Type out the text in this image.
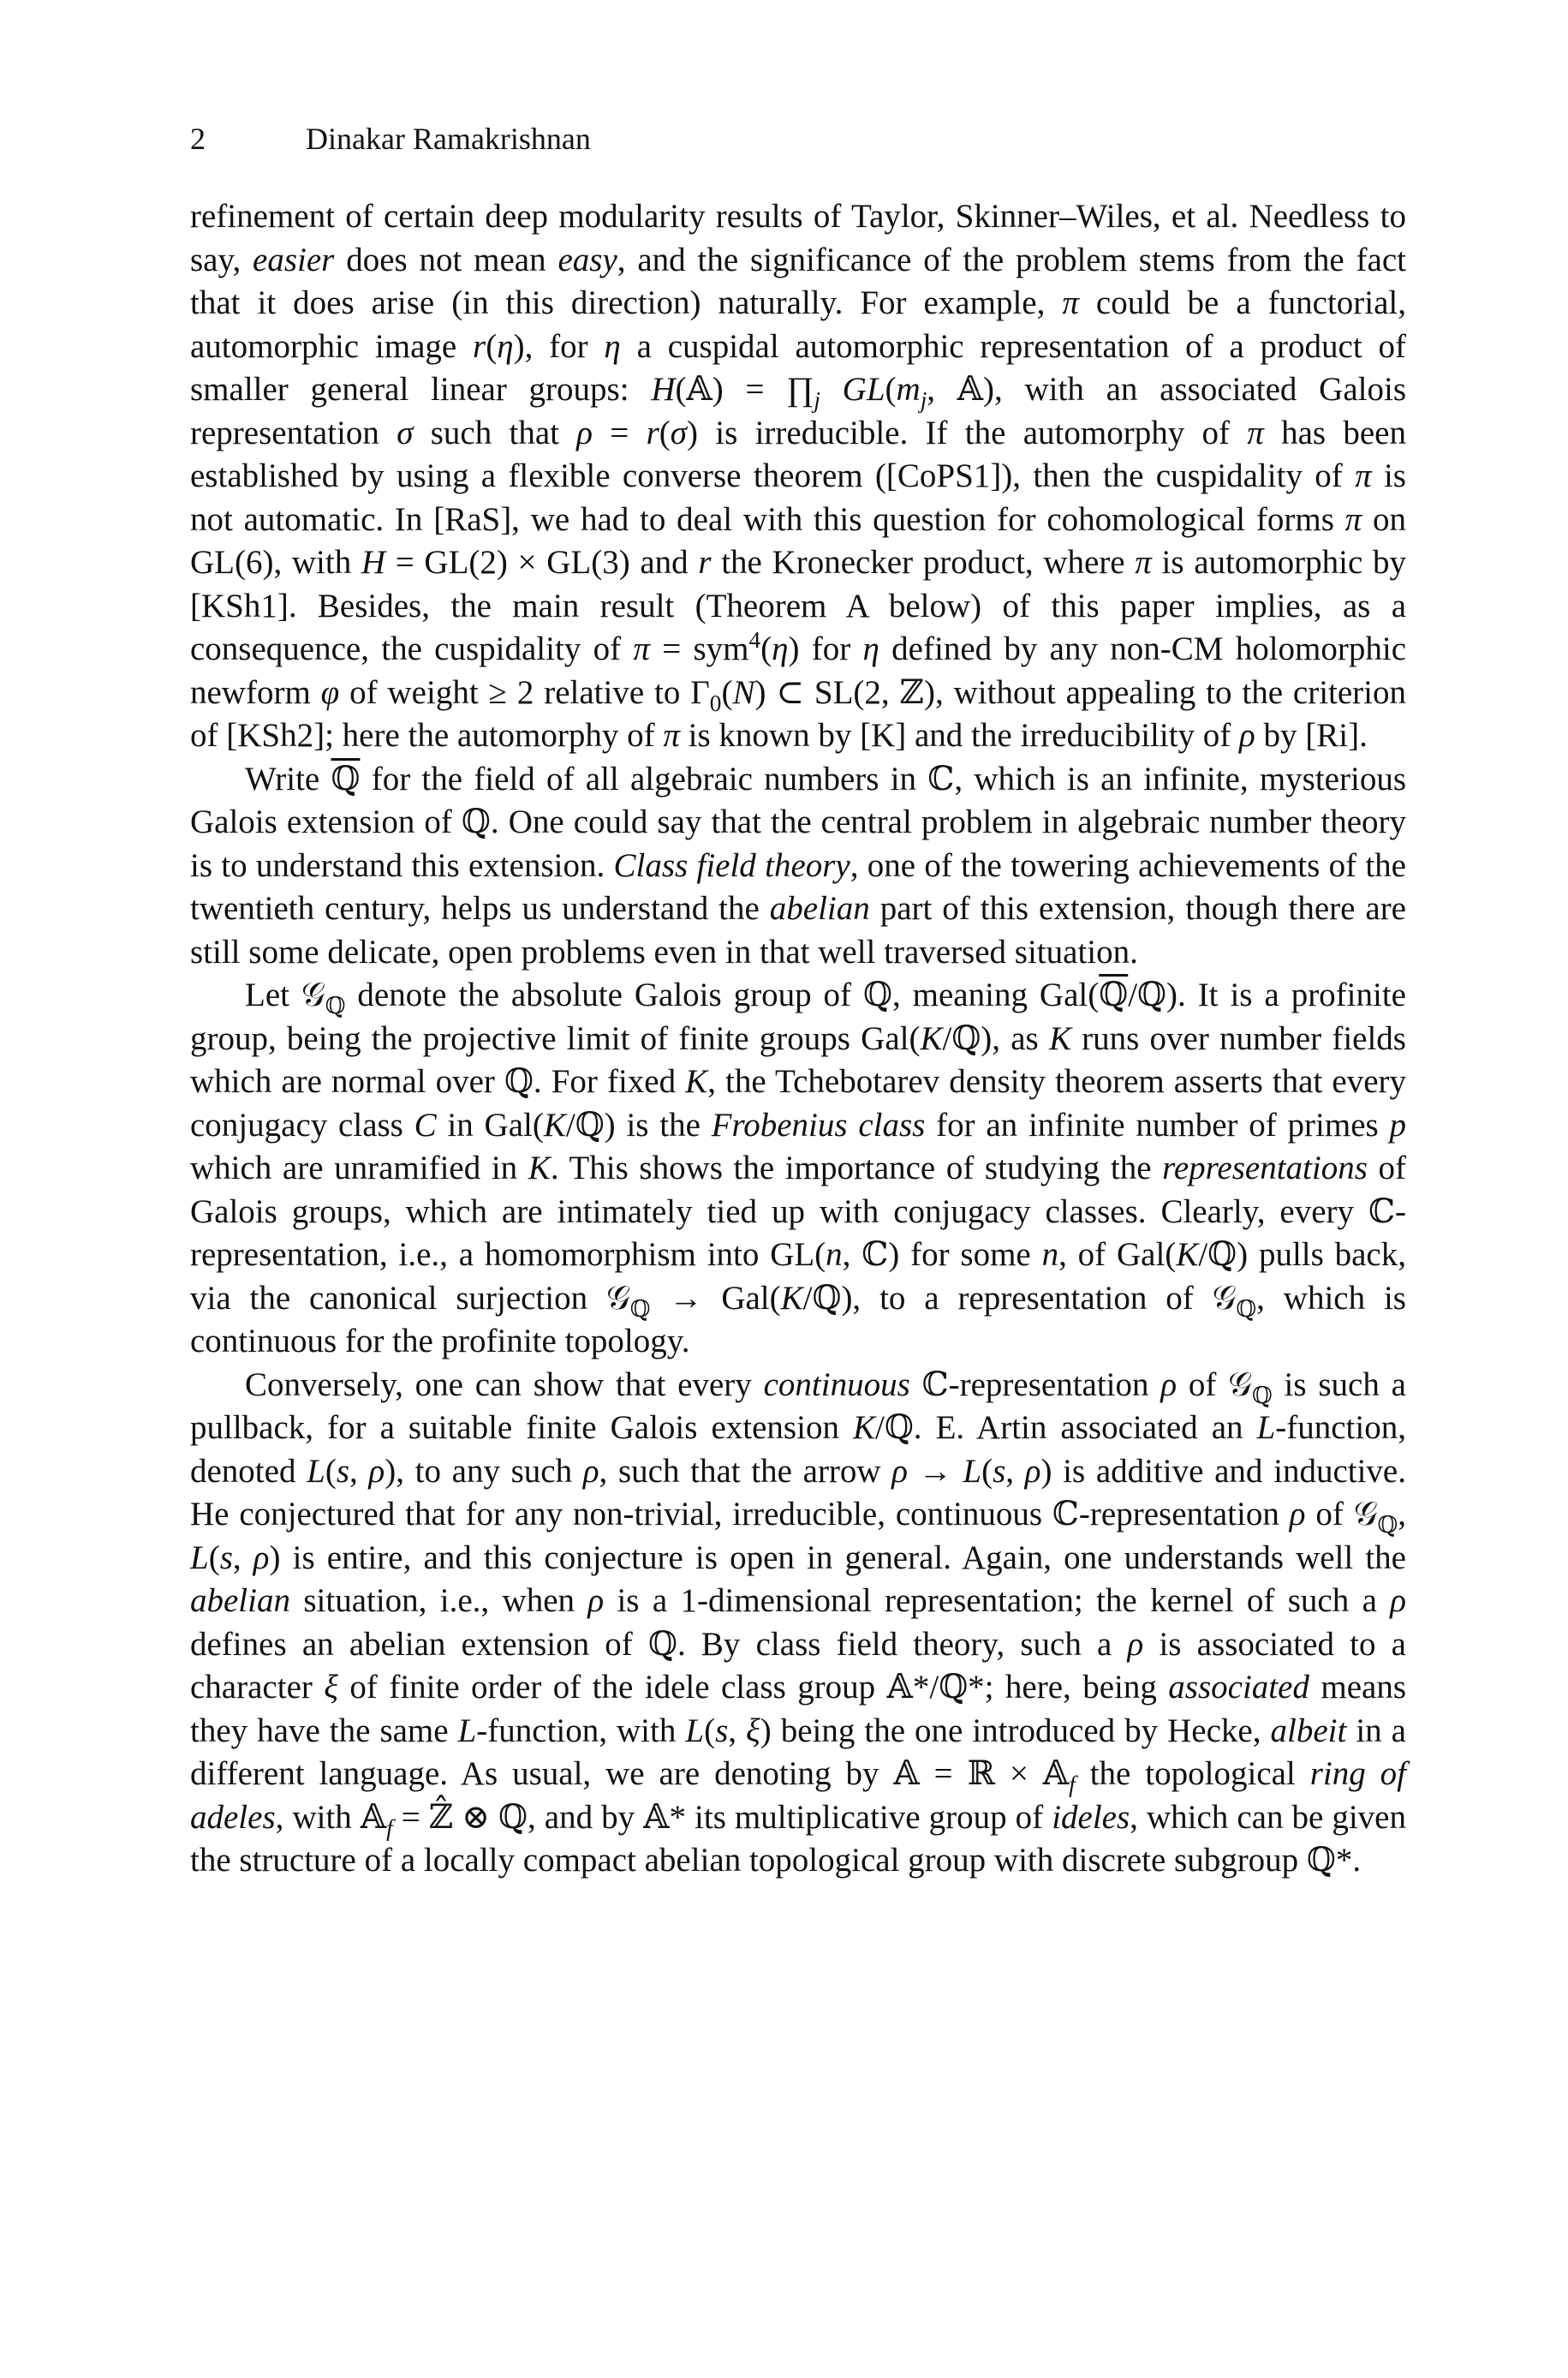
2	Dinakar Ramakrishnan

refinement of certain deep modularity results of Taylor, Skinner–Wiles, et al. Needless to say, easier does not mean easy, and the significance of the problem stems from the fact that it does arise (in this direction) naturally. For example, π could be a functorial, automorphic image r(η), for η a cuspidal automorphic representation of a product of smaller general linear groups: H(𝔸) = $\prod_j$ $GL(m_j$, 𝔸), with an associated Galois representation σ such that ρ = r(σ) is irreducible. If the automorphy of π has been established by using a flexible converse theorem ([CoPS1]), then the cuspidality of π is not automatic. In [RaS], we had to deal with this question for cohomological forms π on GL(6), with H = GL(2) × GL(3) and r the Kronecker product, where π is automorphic by [KSh1]. Besides, the main result (Theorem A below) of this paper implies, as a consequence, the cuspidality of π = sym$^4$(η) for η defined by any non-CM holomorphic newform φ of weight ≥ 2 relative to $\Gamma_0(N)$ ⊂ SL(2, ℤ), without appealing to the criterion of [KSh2]; here the automorphy of π is known by [K] and the irreducibility of ρ by [Ri].

Write ℚ for the field of all algebraic numbers in ℂ, which is an infinite, mysterious Galois extension of ℚ. One could say that the central problem in algebraic number theory is to understand this extension. Class field theory, one of the towering achievements of the twentieth century, helps us understand the abelian part of this extension, though there are still some delicate, open problems even in that well traversed situation.

Let 𝒢$_ℚ$ denote the absolute Galois group of ℚ, meaning Gal(ℚ/ℚ). It is a profinite group, being the projective limit of finite groups Gal(K/ℚ), as K runs over number fields which are normal over ℚ. For fixed K, the Tchebotarev density theorem asserts that every conjugacy class C in Gal(K/ℚ) is the Frobenius class for an infinite number of primes p which are unramified in K. This shows the importance of studying the representations of Galois groups, which are intimately tied up with conjugacy classes. Clearly, every ℂ-representation, i.e., a homomorphism into GL(n, ℂ) for some n, of Gal(K/ℚ) pulls back, via the canonical surjection 𝒢$_ℚ$ → Gal(K/ℚ), to a representation of 𝒢$_ℚ$, which is continuous for the profinite topology.

Conversely, one can show that every continuous ℂ-representation ρ of 𝒢$_ℚ$ is such a pullback, for a suitable finite Galois extension K/ℚ. E. Artin associated an L-function, denoted L(s, ρ), to any such ρ, such that the arrow ρ → L(s, ρ) is additive and inductive. He conjectured that for any non-trivial, irreducible, continuous ℂ-representation ρ of 𝒢$_ℚ$, L(s, ρ) is entire, and this conjecture is open in general. Again, one understands well the abelian situation, i.e., when ρ is a 1-dimensional representation; the kernel of such a ρ defines an abelian extension of ℚ. By class field theory, such a ρ is associated to a character ξ of finite order of the idele class group 𝔸*/ℚ*; here, being associated means they have the same L-function, with L(s, ξ) being the one introduced by Hecke, albeit in a different language. As usual, we are denoting by 𝔸 = ℝ × 𝔸$_f$ the topological ring of adeles, with 𝔸$_f$ = ℤ̂ ⊗ ℚ, and by 𝔸* its multiplicative group of ideles, which can be given the structure of a locally compact abelian topological group with discrete subgroup ℚ*.
